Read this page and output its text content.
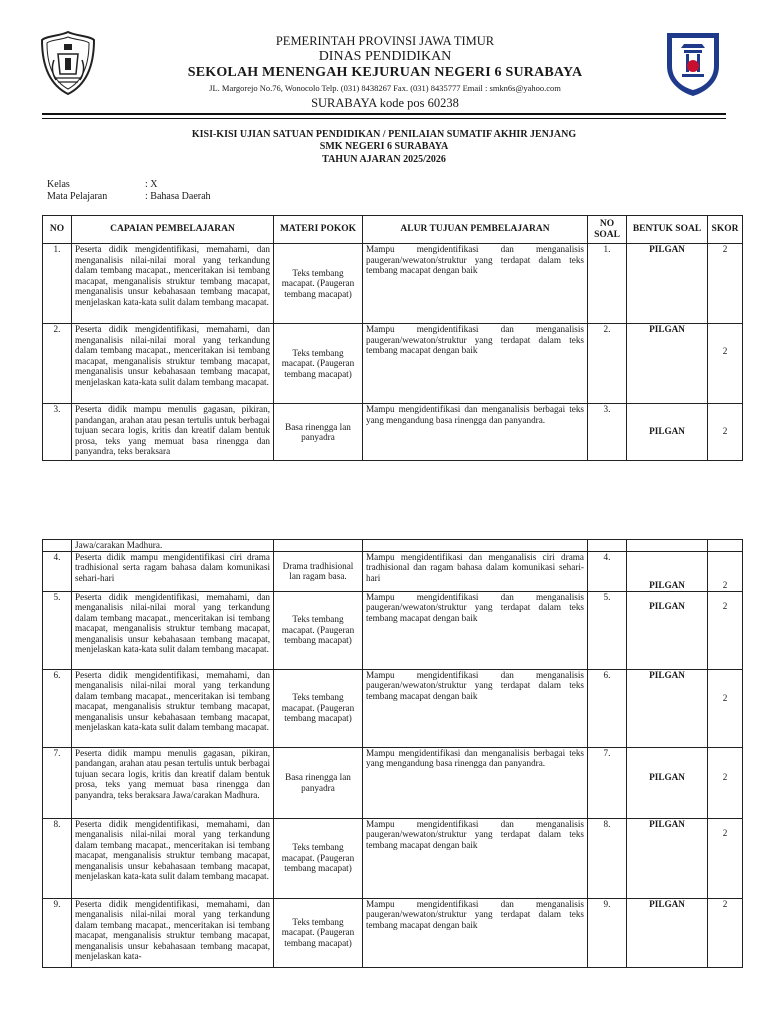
PEMERINTAH PROVINSI JAWA TIMUR
DINAS PENDIDIKAN
SEKOLAH MENENGAH KEJURUAN NEGERI 6 SURABAYA
JL. Margorejo No.76, Wonocolo Telp. (031) 8438267 Fax. (031) 8435777 Email : smkn6s@yahoo.com
SURABAYA kode pos 60238
KISI-KISI UJIAN SATUAN PENDIDIKAN / PENILAIAN SUMATIF AKHIR JENJANG
SMK NEGERI 6 SURABAYA
TAHUN AJARAN 2025/2026
Kelas	: X
Mata Pelajaran	: Bahasa Daerah
NO	CAPAIAN PEMBELAJARAN	MATERI POKOK	ALUR TUJUAN PEMBELAJARAN	NO SOAL	BENTUK SOAL	SKOR
1.	Peserta didik mengidentifikasi, memahami, dan menganalisis nilai-nilai moral yang terkandung dalam tembang macapat., menceritakan isi tembang macapat, menganalisis struktur tembang macapat, menganalisis unsur kebahasaan tembang macapat, menjelaskan kata-kata sulit dalam tembang macapat.	Teks tembang macapat. (Paugeran tembang macapat)	Mampu mengidentifikasi dan menganalisis paugeran/wewaton/struktur yang terdapat dalam teks tembang macapat dengan baik	1.	PILGAN	2
2.	Peserta didik mengidentifikasi, memahami, dan menganalisis nilai-nilai moral yang terkandung dalam tembang macapat., menceritakan isi tembang macapat, menganalisis struktur tembang macapat, menganalisis unsur kebahasaan tembang macapat, menjelaskan kata-kata sulit dalam tembang macapat.	Teks tembang macapat. (Paugeran tembang macapat)	Mampu mengidentifikasi dan menganalisis paugeran/wewaton/struktur yang terdapat dalam teks tembang macapat dengan baik	2.	PILGAN	2
3.	Peserta didik mampu menulis gagasan, pikiran, pandangan, arahan atau pesan tertulis untuk berbagai tujuan secara logis, kritis dan kreatif dalam bentuk prosa, teks yang memuat basa rinengga dan panyandra, teks beraksara	Basa rinengga lan panyadra	Mampu mengidentifikasi dan menganalisis berbagai teks yang mengandung basa rinengga dan panyandra.	3.	PILGAN	2
	Jawa/carakan Madhura.					
4.	Peserta didik mampu mengidentifikasi ciri drama tradhisional serta ragam bahasa dalam komunikasi sehari-hari	Drama tradhisional lan ragam basa.	Mampu mengidentifikasi dan menganalisis ciri drama tradhisional dan ragam bahasa dalam komunikasi sehari-hari	4.	PILGAN	2
5.	Peserta didik mengidentifikasi, memahami, dan menganalisis nilai-nilai moral yang terkandung dalam tembang macapat., menceritakan isi tembang macapat, menganalisis struktur tembang macapat, menganalisis unsur kebahasaan tembang macapat, menjelaskan kata-kata sulit dalam tembang macapat.	Teks tembang macapat. (Paugeran tembang macapat)	Mampu mengidentifikasi dan menganalisis paugeran/wewaton/struktur yang terdapat dalam teks tembang macapat dengan baik	5.	PILGAN	2
6.	Peserta didik mengidentifikasi, memahami, dan menganalisis nilai-nilai moral yang terkandung dalam tembang macapat., menceritakan isi tembang macapat, menganalisis struktur tembang macapat, menganalisis unsur kebahasaan tembang macapat, menjelaskan kata-kata sulit dalam tembang macapat.	Teks tembang macapat. (Paugeran tembang macapat)	Mampu mengidentifikasi dan menganalisis paugeran/wewaton/struktur yang terdapat dalam teks tembang macapat dengan baik	6.	PILGAN	2
7.	Peserta didik mampu menulis gagasan, pikiran, pandangan, arahan atau pesan tertulis untuk berbagai tujuan secara logis, kritis dan kreatif dalam bentuk prosa, teks yang memuat basa rinengga dan panyandra, teks beraksara Jawa/carakan Madhura.	Basa rinengga lan panyadra	Mampu mengidentifikasi dan menganalisis berbagai teks yang mengandung basa rinengga dan panyandra.	7.	PILGAN	2
8.	Peserta didik mengidentifikasi, memahami, dan menganalisis nilai-nilai moral yang terkandung dalam tembang macapat., menceritakan isi tembang macapat, menganalisis struktur tembang macapat, menganalisis unsur kebahasaan tembang macapat, menjelaskan kata-kata sulit dalam tembang macapat.	Teks tembang macapat. (Paugeran tembang macapat)	Mampu mengidentifikasi dan menganalisis paugeran/wewaton/struktur yang terdapat dalam teks tembang macapat dengan baik	8.	PILGAN	2
9.	Peserta didik mengidentifikasi, memahami, dan menganalisis nilai-nilai moral yang terkandung dalam tembang macapat., menceritakan isi tembang macapat, menganalisis struktur tembang macapat, menganalisis unsur kebahasaan tembang macapat, menjelaskan kata-	Teks tembang macapat. (Paugeran tembang macapat)	Mampu mengidentifikasi dan menganalisis paugeran/wewaton/struktur yang terdapat dalam teks tembang macapat dengan baik	9.	PILGAN	2
